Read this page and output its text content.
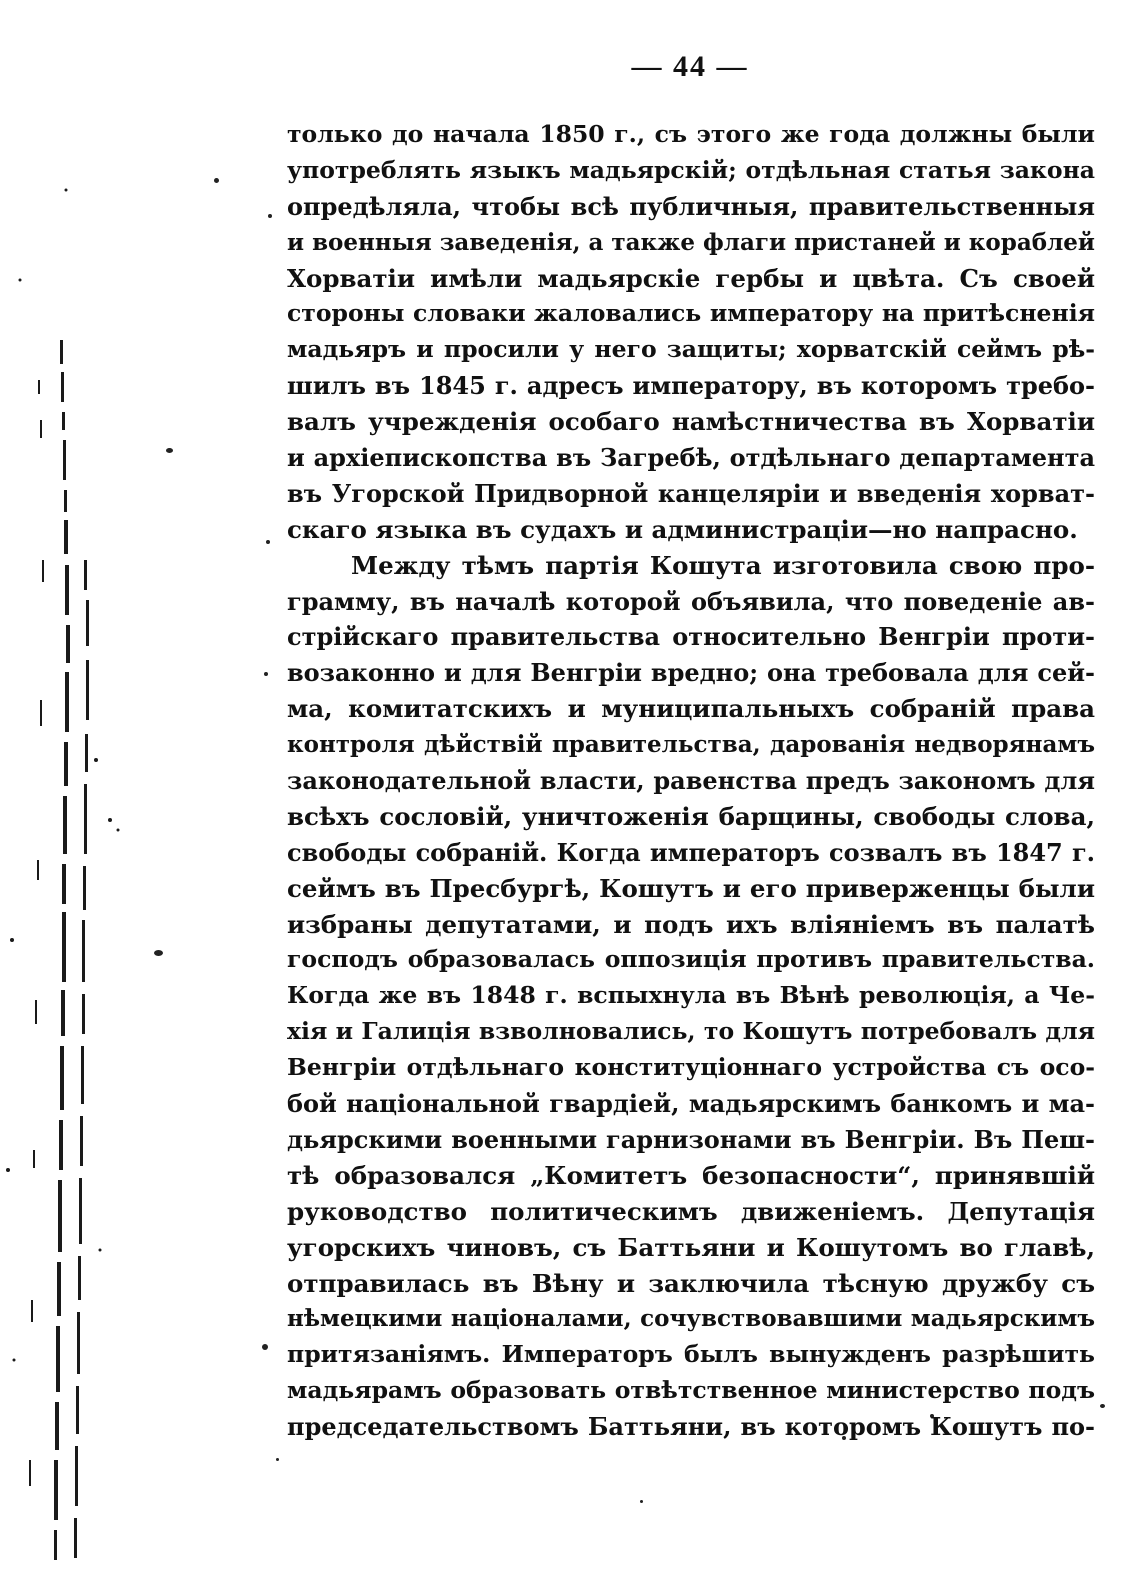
— 44 —
только до начала 1850 г., съ этого же года должны были
употреблять языкъ мадьярскій; отдѣльная статья закона
опредѣляла, чтобы всѣ публичныя, правительственныя
и военныя заведенія, а также флаги пристаней и кораблей
Хорватіи имѣли мадьярскіе гербы и цвѣта. Съ своей
стороны словаки жаловались императору на притѣсненія
мадьяръ и просили у него защиты; хорватскій сеймъ рѣ-
шилъ въ 1845 г. адресъ императору, въ которомъ требо-
валъ учрежденія особаго намѣстничества въ Хорватіи
и архіепископства въ Загребѣ, отдѣльнаго департамента
въ Угорской Придворной канцеляріи и введенія хорват-
скаго языка въ судахъ и администраціи—но напрасно.
Между тѣмъ партія Кошута изготовила свою про-
грамму, въ началѣ которой объявила, что поведеніе ав-
стрійскаго правительства относительно Венгріи проти-
возаконно и для Венгріи вредно; она требовала для сей-
ма, комитатскихъ и муниципальныхъ собраній права
контроля дѣйствій правительства, дарованія недворянамъ
законодательной власти, равенства предъ закономъ для
всѣхъ сословій, уничтоженія барщины, свободы слова,
свободы собраній. Когда императоръ созвалъ въ 1847 г.
сеймъ въ Пресбургѣ, Кошутъ и его приверженцы были
избраны депутатами, и подъ ихъ вліяніемъ въ палатѣ
господъ образовалась оппозиція противъ правительства.
Когда же въ 1848 г. вспыхнула въ Вѣнѣ революція, а Че-
хія и Галиція взволновались, то Кошутъ потребовалъ для
Венгріи отдѣльнаго конституціоннаго устройства съ осо-
бой національной гвардіей, мадьярскимъ банкомъ и ма-
дьярскими военными гарнизонами въ Венгріи. Въ Пеш-
тѣ образовался „Комитетъ безопасности“, принявшій
руководство политическимъ движеніемъ. Депутація
угорскихъ чиновъ, съ Баттьяни и Кошутомъ во главѣ,
отправилась въ Вѣну и заключила тѣсную дружбу съ
нѣмецкими націоналами, сочувствовавшими мадьярскимъ
притязаніямъ. Императоръ былъ вынужденъ разрѣшить
мадьярамъ образовать отвѣтственное министерство подъ
председательствомъ Баттьяни, въ которомъ Кошутъ по-
